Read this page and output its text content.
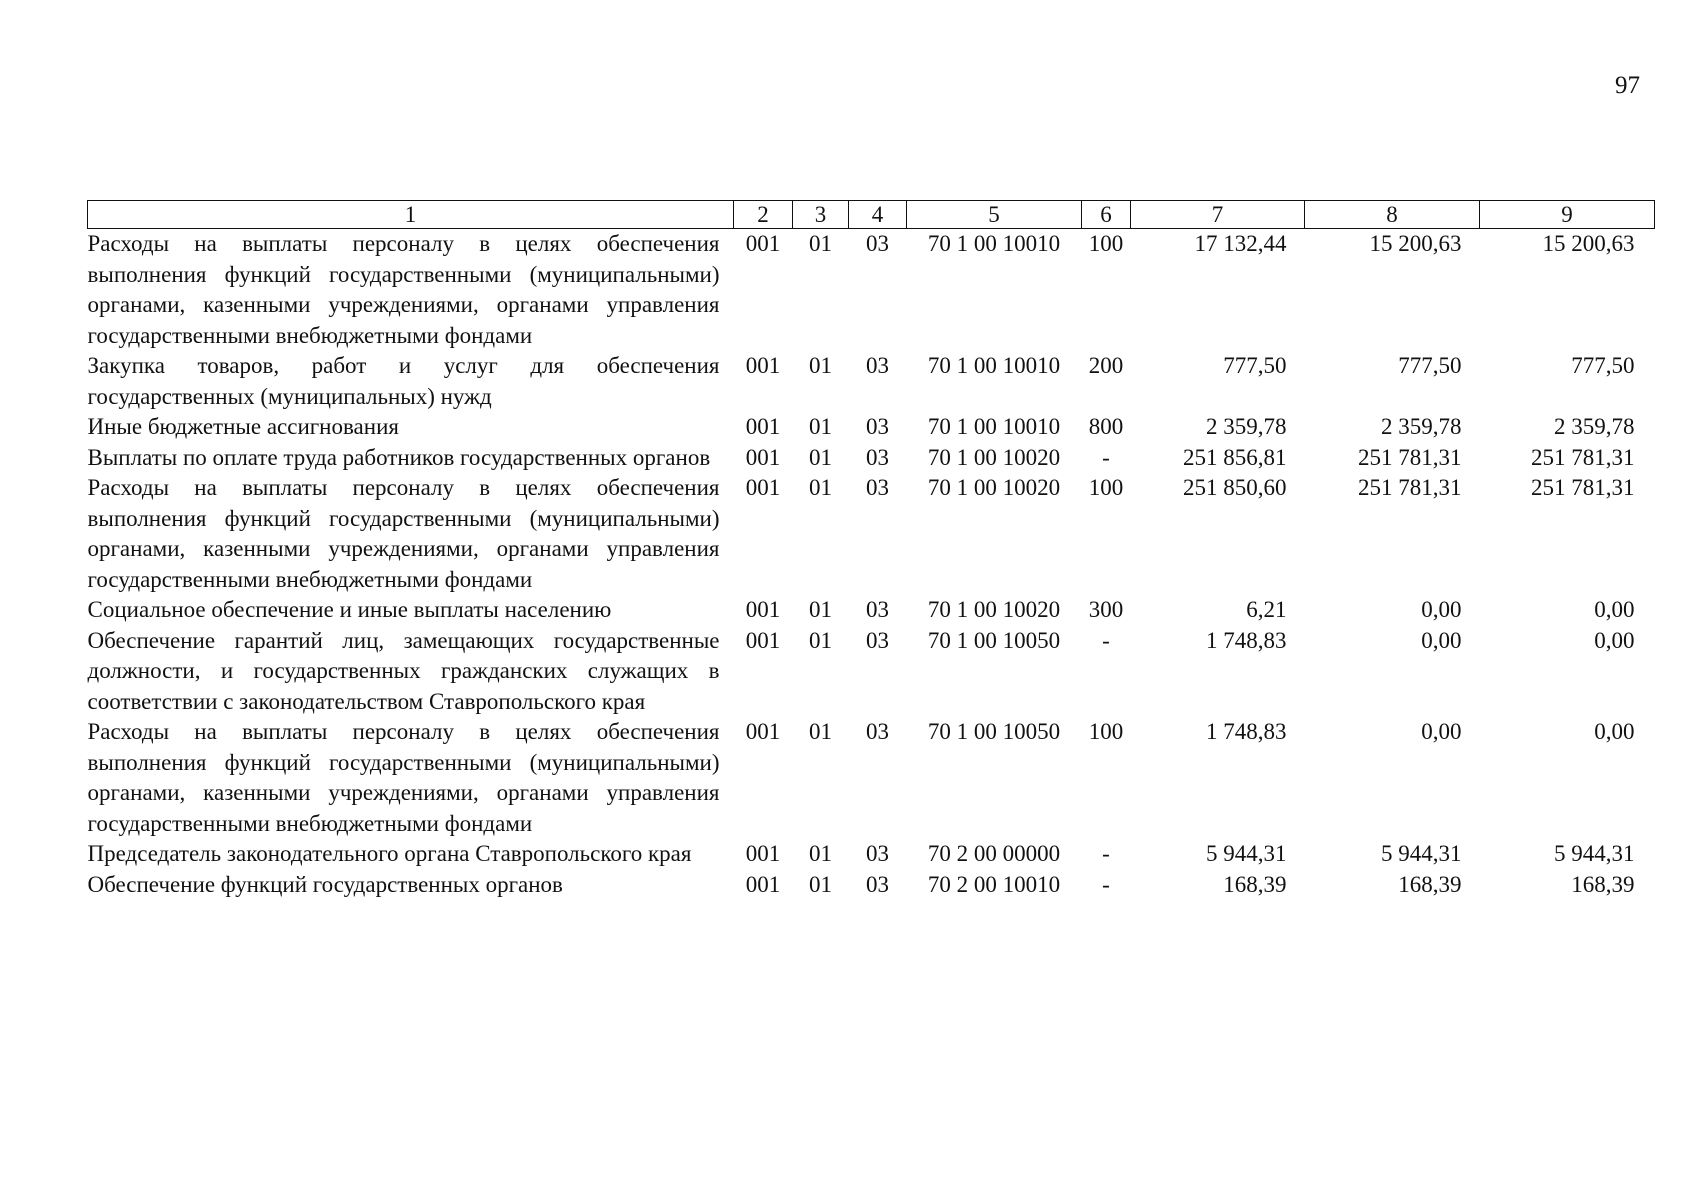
97
1	2	3	4	5	6	7	8	9
Расходы на выплаты персоналу в целях обеспечения выполнения функций государственными (муниципальными) органами, казенными учреждениями, органами управления государственными внебюджетными фондами	001	01	03	70 1 00 10010	100	17 132,44	15 200,63	15 200,63
Закупка товаров, работ и услуг для обеспечения государственных (муниципальных) нужд	001	01	03	70 1 00 10010	200	777,50	777,50	777,50
Иные бюджетные ассигнования	001	01	03	70 1 00 10010	800	2 359,78	2 359,78	2 359,78
Выплаты по оплате труда работников государственных органов	001	01	03	70 1 00 10020	-	251 856,81	251 781,31	251 781,31
Расходы на выплаты персоналу в целях обеспечения выполнения функций государственными (муниципальными) органами, казенными учреждениями, органами управления государственными внебюджетными фондами	001	01	03	70 1 00 10020	100	251 850,60	251 781,31	251 781,31
Социальное обеспечение и иные выплаты населению	001	01	03	70 1 00 10020	300	6,21	0,00	0,00
Обеспечение гарантий лиц, замещающих государственные должности, и государственных гражданских служащих в соответствии с законодательством Ставропольского края	001	01	03	70 1 00 10050	-	1 748,83	0,00	0,00
Расходы на выплаты персоналу в целях обеспечения выполнения функций государственными (муниципальными) органами, казенными учреждениями, органами управления государственными внебюджетными фондами	001	01	03	70 1 00 10050	100	1 748,83	0,00	0,00
Председатель законодательного органа Ставропольского края	001	01	03	70 2 00 00000	-	5 944,31	5 944,31	5 944,31
Обеспечение функций государственных органов	001	01	03	70 2 00 10010	-	168,39	168,39	168,39
